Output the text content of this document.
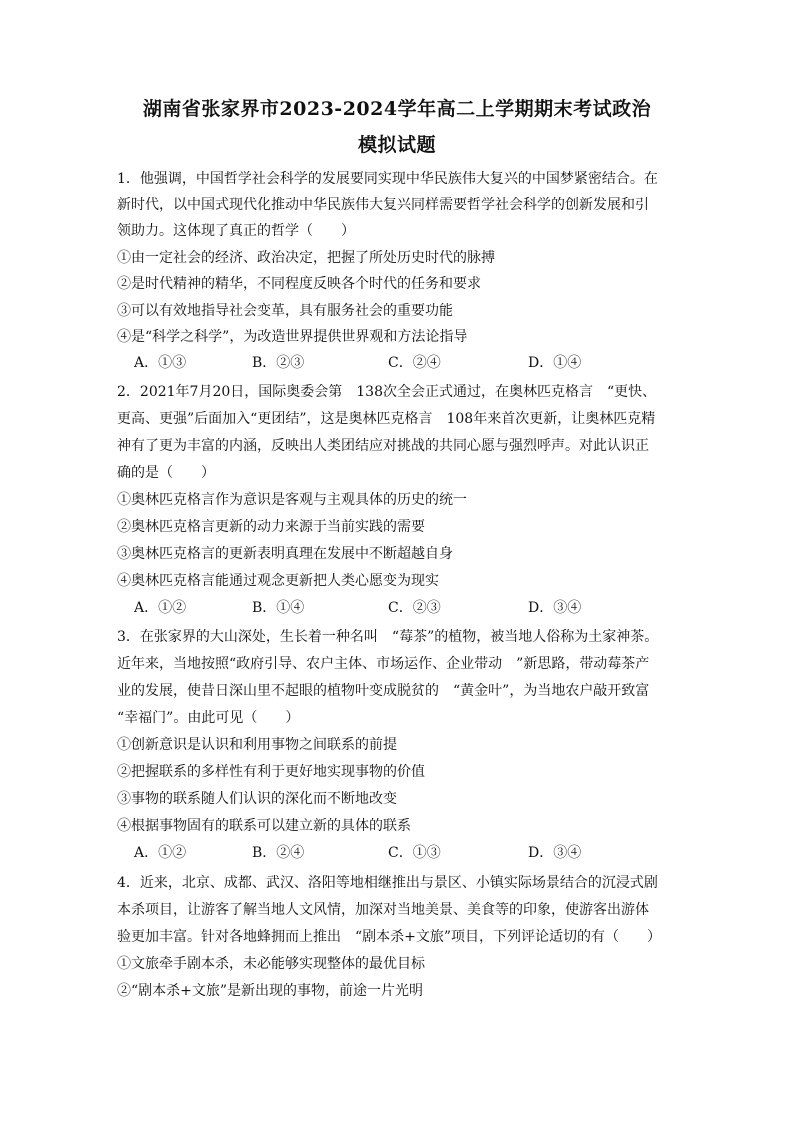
湖南省张家界市2023-2024学年高二上学期期末考试政治
模拟试题
1．他强调，中国哲学社会科学的发展要同实现中华民族伟大复兴的中国梦紧密结合。在
新时代，以中国式现代化推动中华民族伟大复兴同样需要哲学社会科学的创新发展和引
领助力。这体现了真正的哲学（　　）
①由一定社会的经济、政治决定，把握了所处历史时代的脉搏
②是时代精神的精华，不同程度反映各个时代的任务和要求
③可以有效地指导社会变革，具有服务社会的重要功能
④是“科学之科学”，为改造世界提供世界观和方法论指导
A．①③	B．②③	C．②④	D．①④
2．2021年7月20日，国际奥委会第　138次全会正式通过，在奥林匹克格言　“更快、
更高、更强”后面加入“更团结”，这是奥林匹克格言　108年来首次更新，让奥林匹克精
神有了更为丰富的内涵，反映出人类团结应对挑战的共同心愿与强烈呼声。对此认识正
确的是（　　）
①奥林匹克格言作为意识是客观与主观具体的历史的统一
②奥林匹克格言更新的动力来源于当前实践的需要
③奥林匹克格言的更新表明真理在发展中不断超越自身
④奥林匹克格言能通过观念更新把人类心愿变为现实
A．①②	B．①④	C．②③	D．③④
3．在张家界的大山深处，生长着一种名叫　“莓茶”的植物，被当地人俗称为土家神茶。
近年来，当地按照“政府引导、农户主体、市场运作、企业带动　”新思路，带动莓茶产
业的发展，使昔日深山里不起眼的植物叶变成脱贫的　“黄金叶”，为当地农户敲开致富
“幸福门”。由此可见（　　）
①创新意识是认识和利用事物之间联系的前提
②把握联系的多样性有利于更好地实现事物的价值
③事物的联系随人们认识的深化而不断地改变
④根据事物固有的联系可以建立新的具体的联系
A．①②	B．②④	C．①③	D．③④
4．近来，北京、成都、武汉、洛阳等地相继推出与景区、小镇实际场景结合的沉浸式剧
本杀项目，让游客了解当地人文风情，加深对当地美景、美食等的印象，使游客出游体
验更加丰富。针对各地蜂拥而上推出　“剧本杀+文旅”项目，下列评论适切的有（　　）
①文旅牵手剧本杀，未必能够实现整体的最优目标
②“剧本杀+文旅”是新出现的事物，前途一片光明
